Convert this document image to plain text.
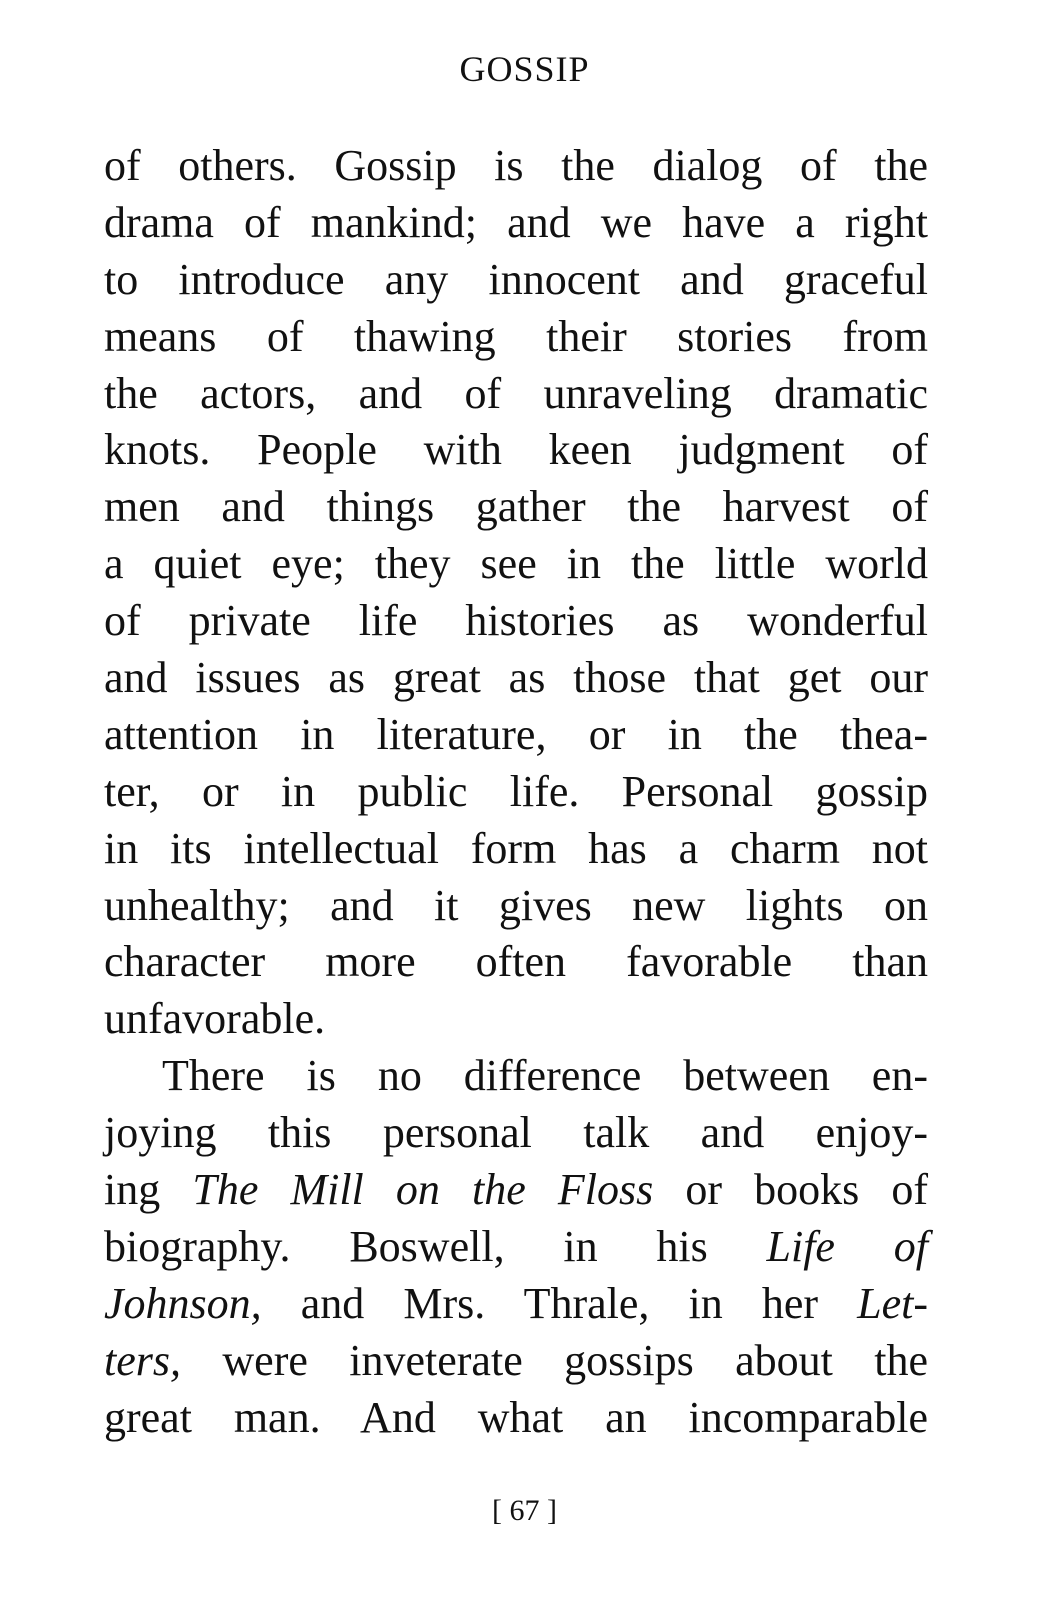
GOSSIP
of others. Gossip is the dialog of the
drama of mankind; and we have a right
to introduce any innocent and graceful
means of thawing their stories from
the actors, and of unraveling dramatic
knots. People with keen judgment of
men and things gather the harvest of
a quiet eye; they see in the little world
of private life histories as wonderful
and issues as great as those that get our
attention in literature, or in the thea-
ter, or in public life. Personal gossip
in its intellectual form has a charm not
unhealthy; and it gives new lights on
character more often favorable than
unfavorable.
There is no difference between en-
joying this personal talk and enjoy-
ing The Mill on the Floss or books of
biography. Boswell, in his Life of
Johnson, and Mrs. Thrale, in her Let-
ters, were inveterate gossips about the
great man. And what an incomparable
[ 67 ]
